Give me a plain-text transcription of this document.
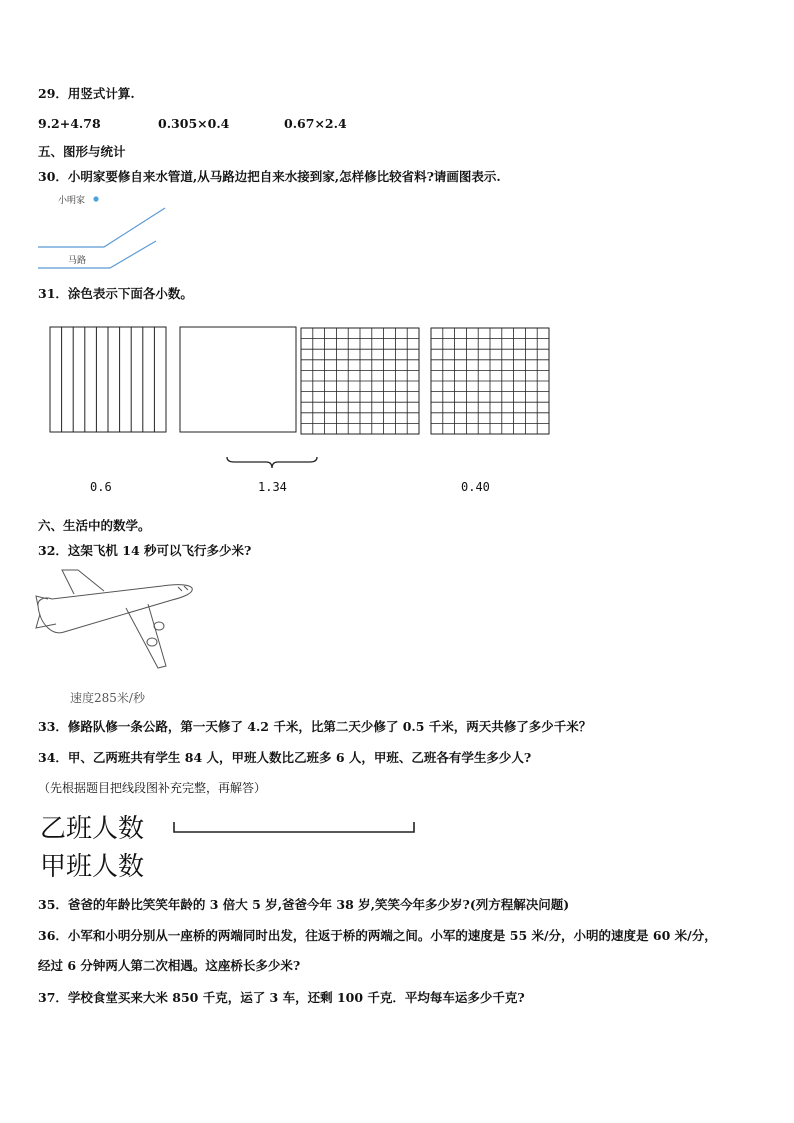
29．用竖式计算.
9.2+4.78	0.305×0.4	0.67×2.4
五、图形与统计
30．小明家要修自来水管道,从马路边把自来水接到家,怎样修比较省料?请画图表示.
小明家
马路
31．涂色表示下面各小数。
0.6	1.34	0.40
六、生活中的数学。
32．这架飞机 14 秒可以飞行多少米?
速度285米/秒
33．修路队修一条公路，第一天修了 4.2 千米，比第二天少修了 0.5 千米，两天共修了多少千米？
34．甲、乙两班共有学生 84 人，甲班人数比乙班多 6 人，甲班、乙班各有学生多少人?
（先根据题目把线段图补充完整，再解答）
乙班人数
甲班人数
35．爸爸的年龄比笑笑年龄的 3 倍大 5 岁,爸爸今年 38 岁,笑笑今年多少岁?(列方程解决问题)
36．小军和小明分别从一座桥的两端同时出发，往返于桥的两端之间。小军的速度是 55 米/分，小明的速度是 60 米/分，
经过 6 分钟两人第二次相遇。这座桥长多少米?
37．学校食堂买来大米 850 千克，运了 3 车，还剩 100 千克．平均每车运多少千克?
